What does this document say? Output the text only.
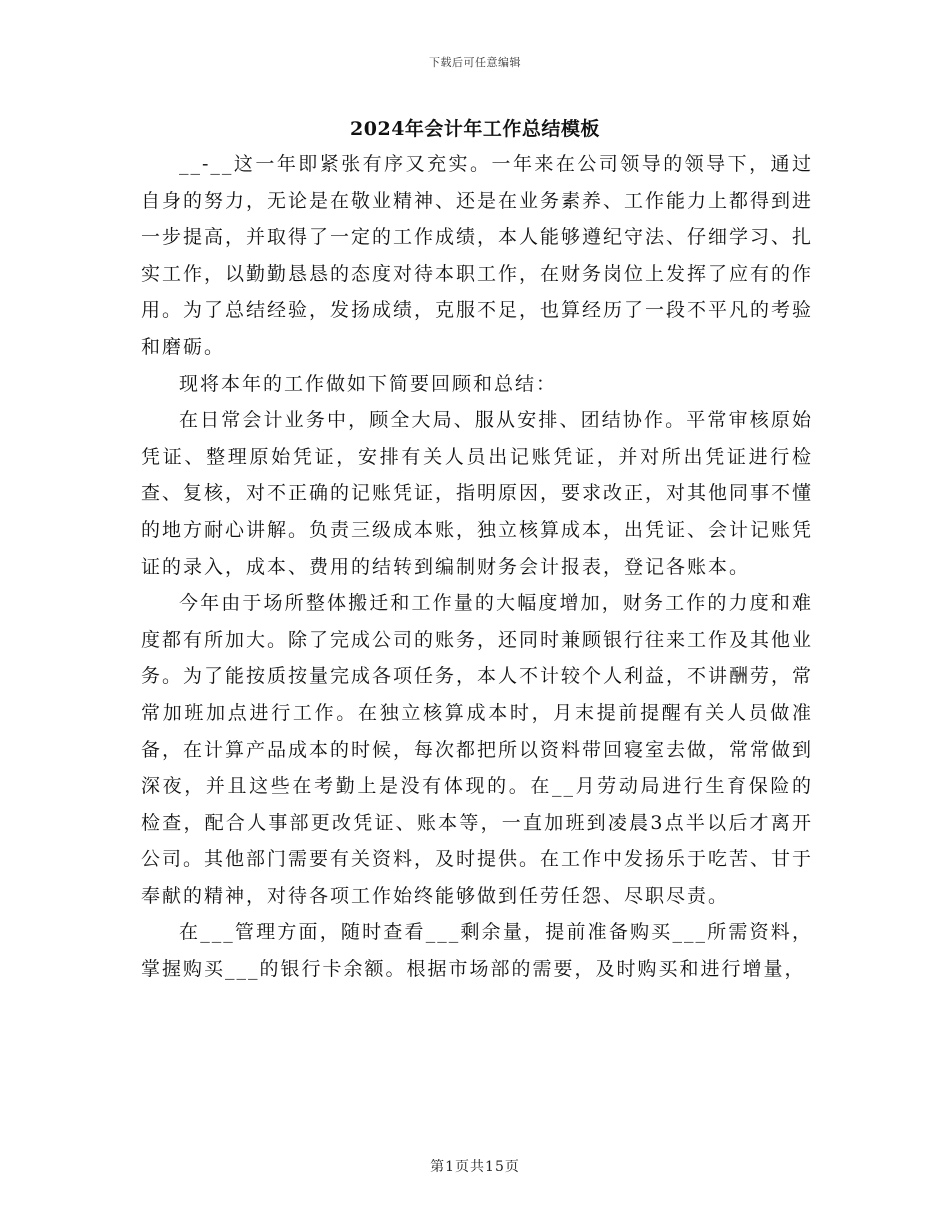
下载后可任意编辑
2024年会计年工作总结模板

__-__这一年即紧张有序又充实。一年来在公司领导的领导下，通过自身的努力，无论是在敬业精神、还是在业务素养、工作能力上都得到进一步提高，并取得了一定的工作成绩，本人能够遵纪守法、仔细学习、扎实工作，以勤勤恳恳的态度对待本职工作，在财务岗位上发挥了应有的作用。为了总结经验，发扬成绩，克服不足，也算经历了一段不平凡的考验和磨砺。

现将本年的工作做如下简要回顾和总结：

在日常会计业务中，顾全大局、服从安排、团结协作。平常审核原始凭证、整理原始凭证，安排有关人员出记账凭证，并对所出凭证进行检查、复核，对不正确的记账凭证，指明原因，要求改正，对其他同事不懂的地方耐心讲解。负责三级成本账，独立核算成本，出凭证、会计记账凭证的录入，成本、费用的结转到编制财务会计报表，登记各账本。

今年由于场所整体搬迁和工作量的大幅度增加，财务工作的力度和难度都有所加大。除了完成公司的账务，还同时兼顾银行往来工作及其他业务。为了能按质按量完成各项任务，本人不计较个人利益，不讲酬劳，常常加班加点进行工作。在独立核算成本时，月末提前提醒有关人员做准备，在计算产品成本的时候，每次都把所以资料带回寝室去做，常常做到深夜，并且这些在考勤上是没有体现的。在__月劳动局进行生育保险的检查，配合人事部更改凭证、账本等，一直加班到凌晨3点半以后才离开公司。其他部门需要有关资料，及时提供。在工作中发扬乐于吃苦、甘于奉献的精神，对待各项工作始终能够做到任劳任怨、尽职尽责。

在___管理方面，随时查看___剩余量，提前准备购买___所需资料，掌握购买___的银行卡余额。根据市场部的需要，及时购买和进行增量，

第1页共15页
